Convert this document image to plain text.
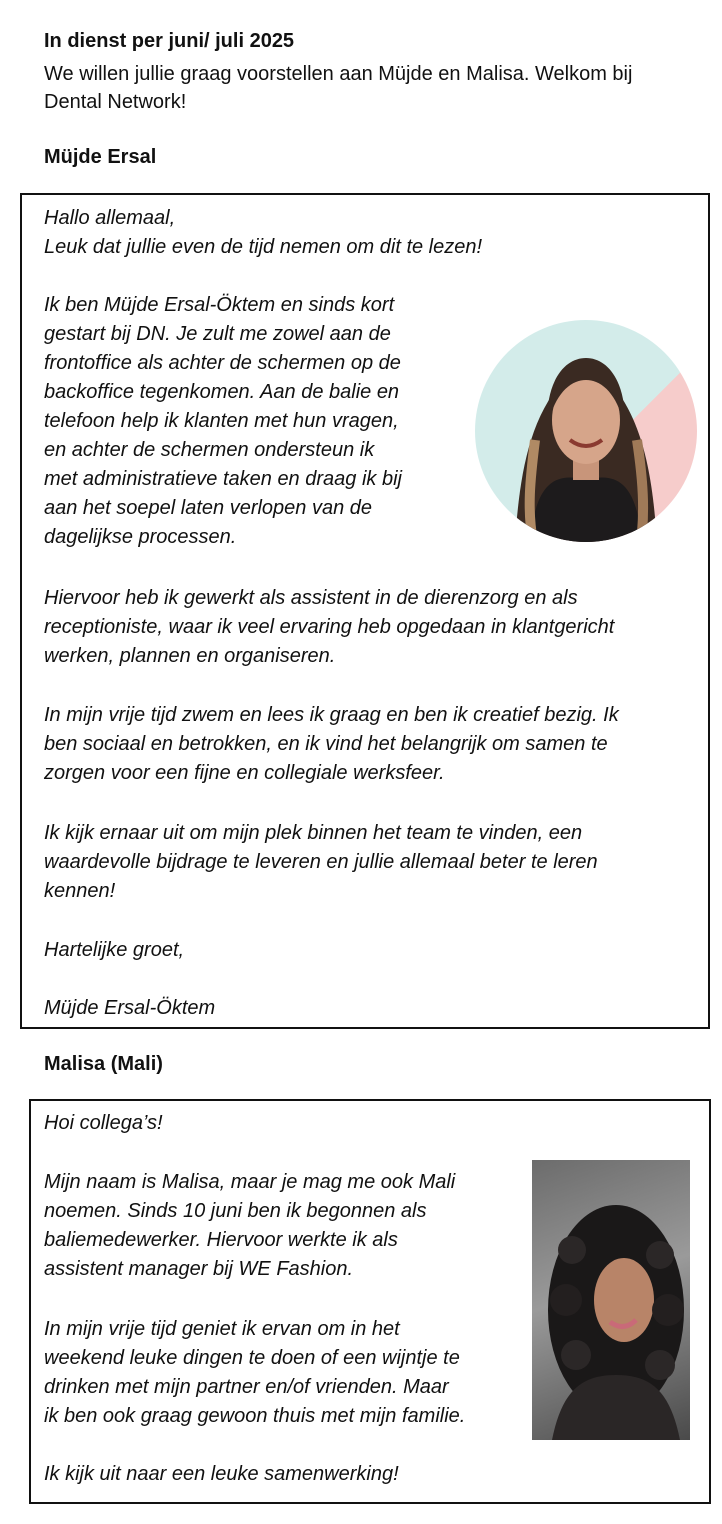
In dienst per juni/ juli 2025

We willen jullie graag voorstellen aan Müjde en Malisa. Welkom bij Dental Network!

Müjde Ersal

Hallo allemaal,
Leuk dat jullie even de tijd nemen om dit te lezen!

Ik ben Müjde Ersal-Öktem en sinds kort
gestart bij DN. Je zult me zowel aan de
frontoffice als achter de schermen op de
backoffice tegenkomen. Aan de balie en
telefoon help ik klanten met hun vragen,
en achter de schermen ondersteun ik
met administratieve taken en draag ik bij
aan het soepel laten verlopen van de
dagelijkse processen.

Hiervoor heb ik gewerkt als assistent in de dierenzorg en als
receptioniste, waar ik veel ervaring heb opgedaan in klantgericht
werken, plannen en organiseren.

In mijn vrije tijd zwem en lees ik graag en ben ik creatief bezig. Ik
ben sociaal en betrokken, en ik vind het belangrijk om samen te
zorgen voor een fijne en collegiale werksfeer.

Ik kijk ernaar uit om mijn plek binnen het team te vinden, een
waardevolle bijdrage te leveren en jullie allemaal beter te leren
kennen!

Hartelijke groet,

Müjde Ersal-Öktem

Malisa (Mali)

Hoi collega’s!

Mijn naam is Malisa, maar je mag me ook Mali
noemen. Sinds 10 juni ben ik begonnen als
baliemedewerker. Hiervoor werkte ik als
assistent manager bij WE Fashion.

In mijn vrije tijd geniet ik ervan om in het
weekend leuke dingen te doen of een wijntje te
drinken met mijn partner en/of vrienden. Maar
ik ben ook graag gewoon thuis met mijn familie.

Ik kijk uit naar een leuke samenwerking!
